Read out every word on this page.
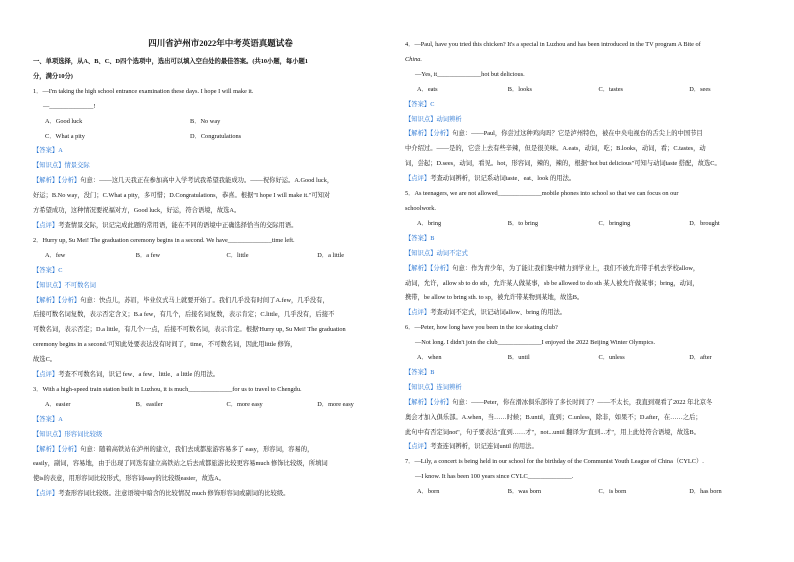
四川省泸州市2022年中考英语真题试卷
一、单项选择，从A、B、C、D四个选项中，选出可以填入空白处的最佳答案。(共10小题，每小题1
分，满分10分)
1．—I'm taking the high school entrance examination these days. I hope I will make it.
—______________!
A．Good luck	B．No way
C．What a pity	D．Congratulations
【答案】A
【知识点】情景交际
【解析】【分析】句意：——这几天我正在参加高中入学考试我希望我能成功。——祝你好运。A.Good luck，
好运；B.No way，没门；C.What a pity，多可惜；D.Congratulations，恭喜。根据"I hope I will make it."可知对
方希望成功，这种情况要祝福对方，Good luck，好运，符合语境，故选A。
【点评】考查情景交际，识记完成此题的常用语，能在不同的语境中正确选择恰当的交际用语。
2．Hurry up, Su Mei! The graduation ceremony begins in a second. We have______________time left.
A．few	B．a few	C．little	D．a little
【答案】C
【知识点】不可数名词
【解析】【分析】句意：快点儿，苏眉，毕业仪式马上就要开始了。我们几乎没有时间了A.few，几乎没有，
后接可数名词复数，表示否定含义；B.a few，有几个，后接名词复数，表示肯定；C.little，几乎没有，后接不
可数名词，表示否定；D.a little，有几个/一点，后接不可数名词，表示肯定。根据'Hurry up, Su Mei! The graduation
ceremony begins in a second.'可知此处要表达没有时间了，time，不可数名词，因此用little 修饰，
故选C。
【点评】考查不可数名词，识记 few、a few、little、a little 的用法。
3．With a high-speed train station built in Luzhou, it is much______________for us to travel to Chengdu.
A．easier	B．easiler	C．more easy	D．more easy
【答案】A
【知识点】形容词比较级
【解析】【分析】句意：随着高铁站在泸州的建立，我们去成都旅游容易多了 easy，形容词，容易的，
easily，副词，容易地，由于出现了同迭有建立高铁站之后去成都旅游比较更容易much 修饰比较级，所填词
使is的表意，用形容词比较形式，形容词easy的比较级easier，故选A。
【点评】考查形容词比较级。注意语境中暗含的比较情况 much 修饰形容词或副词的比较级。
4．—Paul, have you tried this chicken? It's a special in Luzhou and has been introduced in the TV program A Bite of
China.
—Yes, it______________hot but delicious.
A．eats	B．looks	C．tastes	D．sees
【答案】C
【知识点】动词辨析
【解析】【分析】句意：——Paul，你尝过这种鸡肉吗？它是泸州特色，被在中央电视台的舌尖上的中国节目
中介绍过。——是的，它尝上去有些辛辣，但是很美味。A.eats，动词，吃；B.looks，动词，看；C.tastes，动
词，尝起；D.sees，动词，看见。hot，形容词，辣的，辣的，根据"hot but delicious"可知与动词taste 搭配，故选C。
【点评】考查动词辨析，识记系动词taste、eat、look 的用法。
5．As teenagers, we are not allowed______________mobile phones into school so that we can focus on our
schoolwork.
A．bring	B．to bring	C．bringing	D．brought
【答案】B
【知识点】动词不定式
【解析】【分析】句意：作为青少年，为了能让我们集中精力到学业上，我们不被允许带手机去学校allow，
动词，允许，allow sb to do sth，允许某人做某事，sb be allowed to do sth 某人被允许做某事；bring，动词，
携带，be allow to bring sth. to sp，被允许带某物到某地，故选B。
【点评】考查动词不定式，识记动词allow、bring 的用法。
6．—Peter, how long have you been in the ice skating club?
—Not long. I didn't join the club______________I enjoyed the 2022 Beijing Winter Olympics.
A．when	B．until	C．unless	D．after
【答案】B
【知识点】连词辨析
【解析】【分析】句意：——Peter，你在滑冰俱乐部待了多长时间了？——不太长，我直到观看了2022 年北京冬
奥会才加入俱乐部。A.when，当……时候；B.until，直到；C.unless，除非，如果不；D.after，在……之后；
此句中有否定词not"，句子要表达"直到……才"，not...until 翻译为"直到...才"，用上此处符合语境，故选B。
【点评】考查连词辨析，识记连词until 的用法。
7．—Lily, a concert is being held in our school for the birthday of the Communist Youth League of China（CYLC）.
—I know. It has been 100 years since CYLC______________.
A．born	B．was born	C．is born	D．has born
